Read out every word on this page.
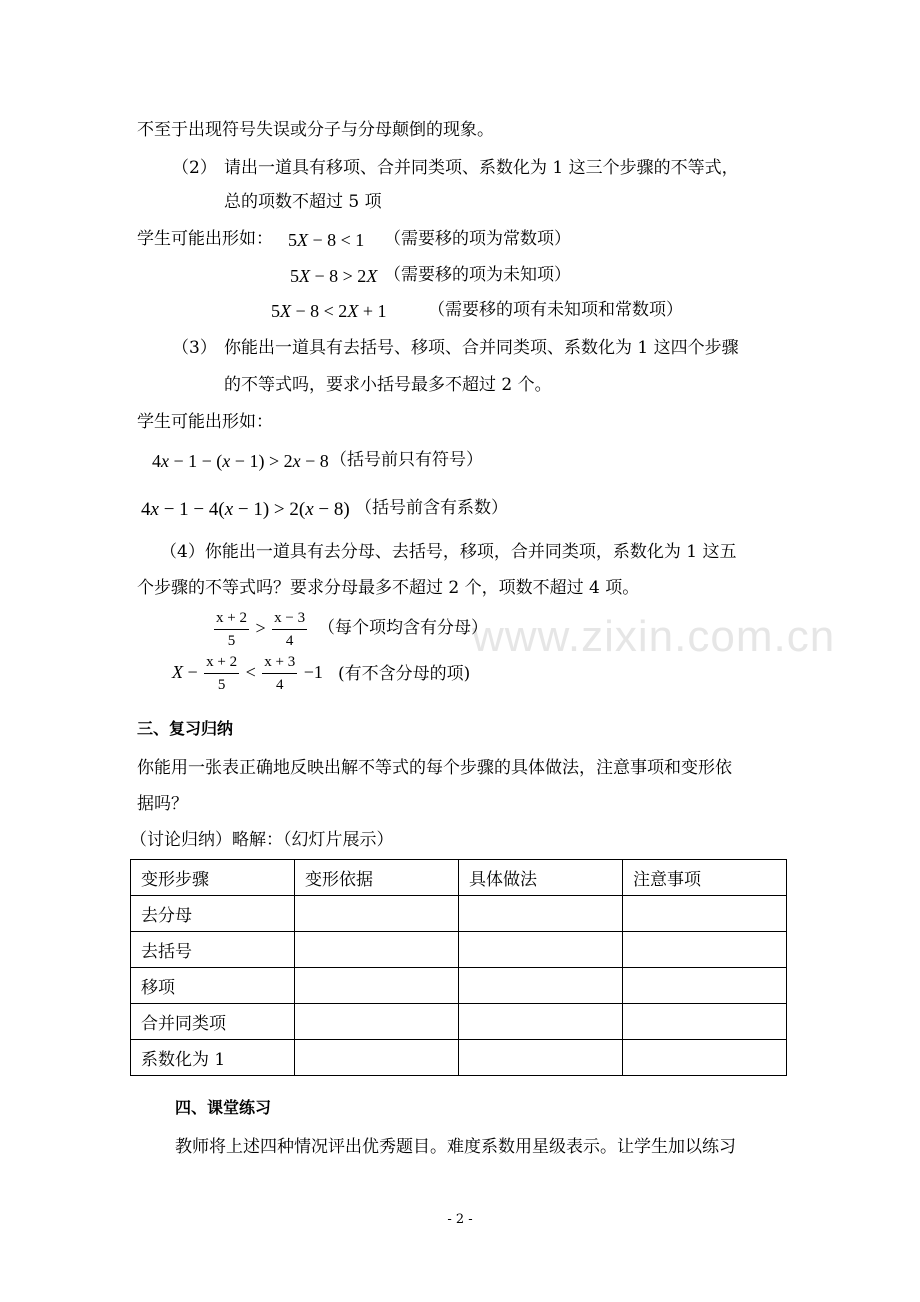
www.zixin.com.cn
不至于出现符号失误或分子与分母颠倒的现象。
（2） 请出一道具有移项、合并同类项、系数化为 1 这三个步骤的不等式，
总的项数不超过 5 项
学生可能出形如： 5X − 8 < 1 （需要移的项为常数项）
5X − 8 > 2X （需要移的项为未知项）
5X − 8 < 2X + 1 （需要移的项有未知项和常数项）
（3） 你能出一道具有去括号、移项、合并同类项、系数化为 1 这四个步骤
的不等式吗，要求小括号最多不超过 2 个。
学生可能出形如：
4x − 1 − (x − 1) > 2x − 8 （括号前只有符号）
4x − 1 − 4(x − 1) > 2(x − 8) （括号前含有系数）
（4）你能出一道具有去分母、去括号，移项，合并同类项，系数化为 1 这五
个步骤的不等式吗？要求分母最多不超过 2 个，项数不超过 4 项。
$\frac{x + 2}{5} > \frac{x - 3}{4}$ （每个项均含有分母）
$X - \frac{x + 2}{5} < \frac{x + 3}{4} -1$ (有不含分母的项)
三、复习归纳
你能用一张表正确地反映出解不等式的每个步骤的具体做法，注意事项和变形依
据吗？
（讨论归纳）略解：（幻灯片展示）
变形步骤	变形依据	具体做法	注意事项
去分母			
去括号			
移项			
合并同类项			
系数化为 1			
四、课堂练习
教师将上述四种情况评出优秀题目。难度系数用星级表示。让学生加以练习
- 2 -
